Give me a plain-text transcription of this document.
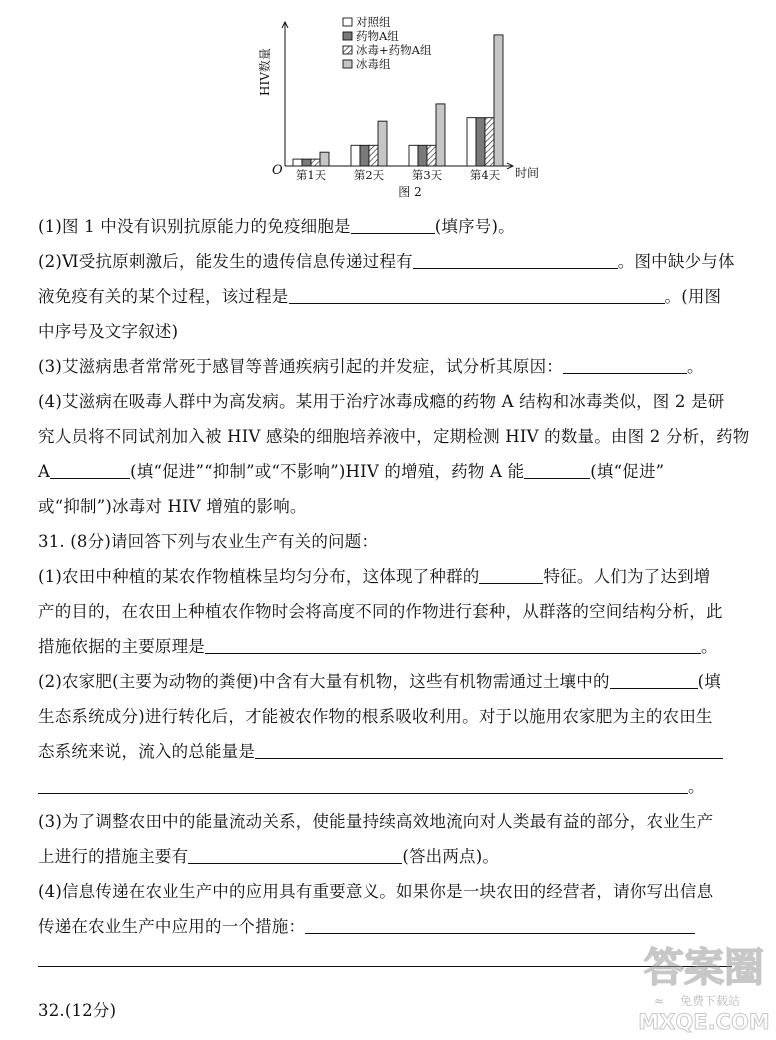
第1天 第2天 第3天 第4天
对照组
药物A组
冰毒+药物A组
冰毒组
HIV数量
O	时间
图 2
(1)图 1 中没有识别抗原能力的免疫细胞是	(填序号)。
(2)Ⅵ受抗原刺激后，能发生的遗传信息传递过程有	。图中缺少与体
液免疫有关的某个过程，该过程是	。(用图
中序号及文字叙述)
(3)艾滋病患者常常死于感冒等普通疾病引起的并发症，试分析其原因：	。
(4)艾滋病在吸毒人群中为高发病。某用于治疗冰毒成瘾的药物 A 结构和冰毒类似，图 2 是研
究人员将不同试剂加入被 HIV 感染的细胞培养液中，定期检测 HIV 的数量。由图 2 分析，药物
A	(填“促进”“抑制”或“不影响”)HIV 的增殖，药物 A 能	(填“促进”
或“抑制”)冰毒对 HIV 增殖的影响。
31. (8分)请回答下列与农业生产有关的问题：
(1)农田中种植的某农作物植株呈均匀分布，这体现了种群的	特征。人们为了达到增
产的目的，在农田上种植农作物时会将高度不同的作物进行套种，从群落的空间结构分析，此
措施依据的主要原理是	。
(2)农家肥(主要为动物的粪便)中含有大量有机物，这些有机物需通过土壤中的	(填
生态系统成分)进行转化后，才能被农作物的根系吸收利用。对于以施用农家肥为主的农田生
态系统来说，流入的总能量是
。
(3)为了调整农田中的能量流动关系，使能量持续高效地流向对人类最有益的部分，农业生产
上进行的措施主要有	(答出两点)。
(4)信息传递在农业生产中的应用具有重要意义。如果你是一块农田的经营者，请你写出信息
传递在农业生产中应用的一个措施：
32.(12分)
答案圈
免费下载站
≈
MXQE.COM
